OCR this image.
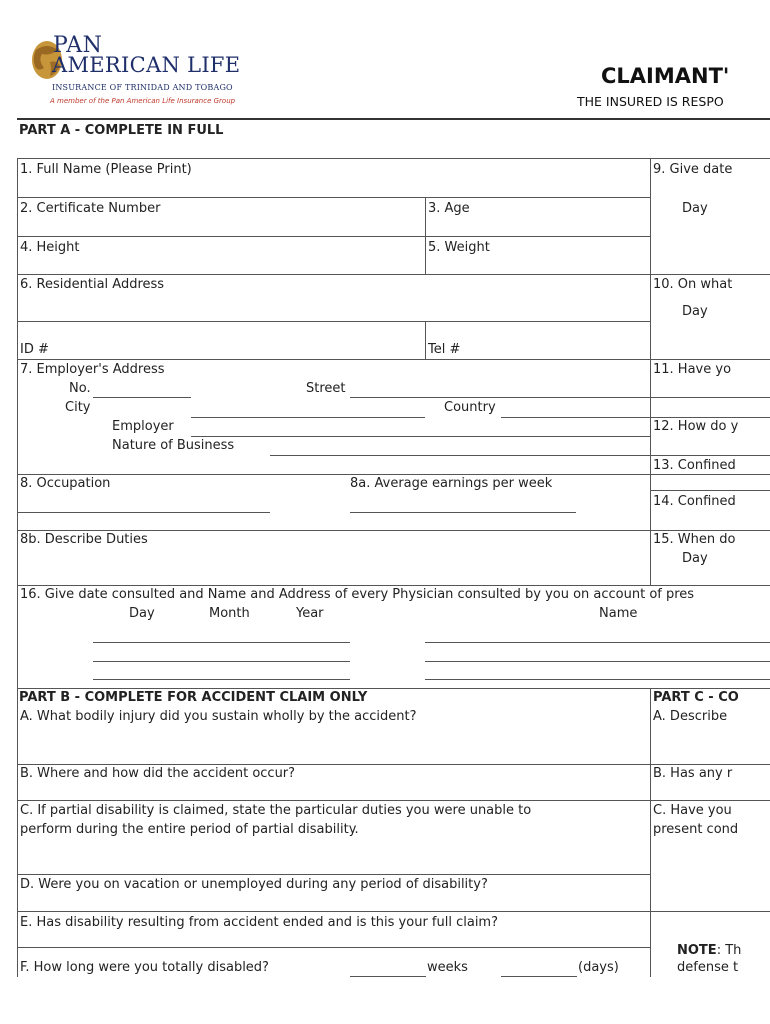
PAN
AMERICAN LIFE
INSURANCE OF TRINIDAD AND TOBAGO
A member of the Pan American Life Insurance Group
CLAIMANT'
THE INSURED IS RESPO
PART A - COMPLETE IN FULL
1. Full Name (Please Print)
2. Certificate Number	3. Age
4. Height	5. Weight
6. Residential Address
ID #	Tel #
7. Employer's Address
No.	Street
City	Country
Employer
Nature of Business
8. Occupation	8a. Average earnings per week
8b. Describe Duties
9. Give date
Day
10. On what
Day
11. Have yo
12. How do y
13. Confined
14. Confined
15. When do
Day
16. Give date consulted and Name and Address of every Physician consulted by you on account of pres
Day	Month	Year	Name
PART B - COMPLETE FOR ACCIDENT CLAIM ONLY
A. What bodily injury did you sustain wholly by the accident?
B. Where and how did the accident occur?
C. If partial disability is claimed, state the particular duties you were unable to
perform during the entire period of partial disability.
D. Were you on vacation or unemployed during any period of disability?
E. Has disability resulting from accident ended and is this your full claim?
F. How long were you totally disabled?	weeks	(days)
PART C - CO
A. Describe
B. Has any r
C. Have you
present cond
NOTE: Th
defense t
